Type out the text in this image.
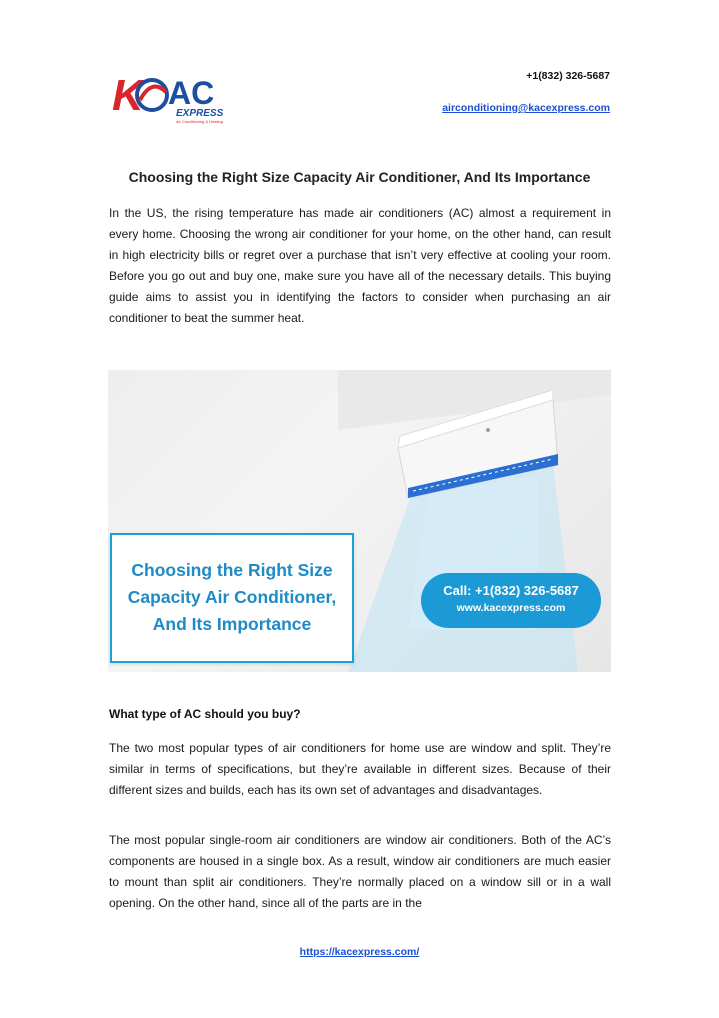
K AC
EXPRESS
Air Conditioning & Heating
+1(832) 326-5687
airconditioning@kacexpress.com
Choosing the Right Size Capacity Air Conditioner, And Its Importance

In the US, the rising temperature has made air conditioners (AC) almost a requirement in every home. Choosing the wrong air conditioner for your home, on the other hand, can result in high electricity bills or regret over a purchase that isn’t very effective at cooling your room. Before you go out and buy one, make sure you have all of the necessary details. This buying guide aims to assist you in identifying the factors to consider when purchasing an air conditioner to beat the summer heat.

Choosing the Right Size Capacity Air Conditioner, And Its Importance
Call: +1(832) 326-5687
www.kacexpress.com
What type of AC should you buy?

The two most popular types of air conditioners for home use are window and split. They’re similar in terms of specifications, but they’re available in different sizes. Because of their different sizes and builds, each has its own set of advantages and disadvantages.

The most popular single-room air conditioners are window air conditioners. Both of the AC’s components are housed in a single box. As a result, window air conditioners are much easier to mount than split air conditioners. They’re normally placed on a window sill or in a wall opening. On the other hand, since all of the parts are in the

https://kacexpress.com/
